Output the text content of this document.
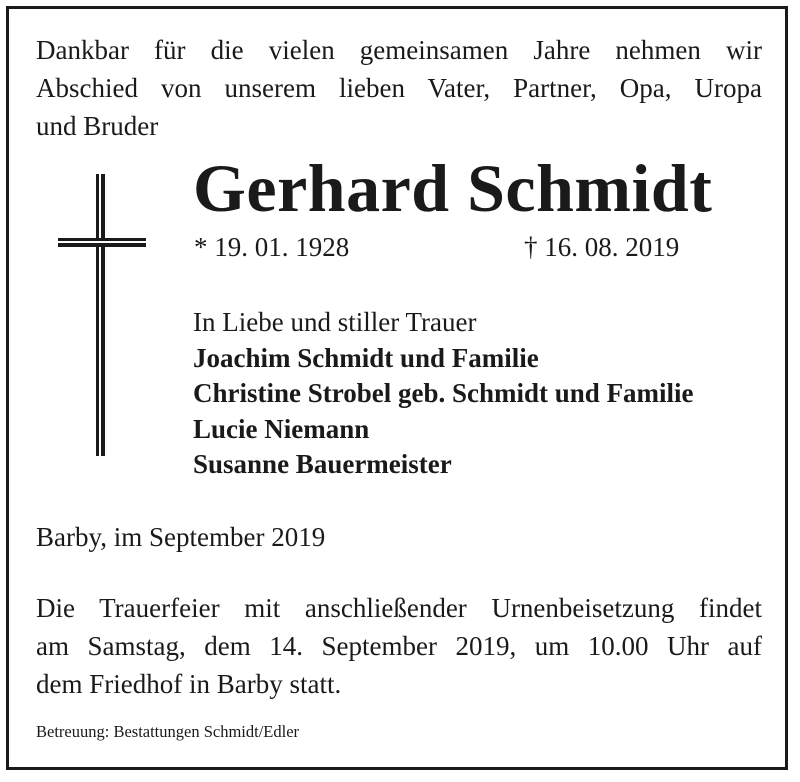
Dankbar für die vielen gemeinsamen Jahre nehmen wir
Abschied von unserem lieben Vater, Partner, Opa, Uropa
und Bruder
Gerhard Schmidt
* 19. 01. 1928	† 16. 08. 2019
In Liebe und stiller Trauer
Joachim Schmidt und Familie
Christine Strobel geb. Schmidt und Familie
Lucie Niemann
Susanne Bauermeister
Barby, im September 2019
Die Trauerfeier mit anschließender Urnenbeisetzung findet
am Samstag, dem 14. September 2019, um 10.00 Uhr auf
dem Friedhof in Barby statt.
Betreuung: Bestattungen Schmidt/Edler
